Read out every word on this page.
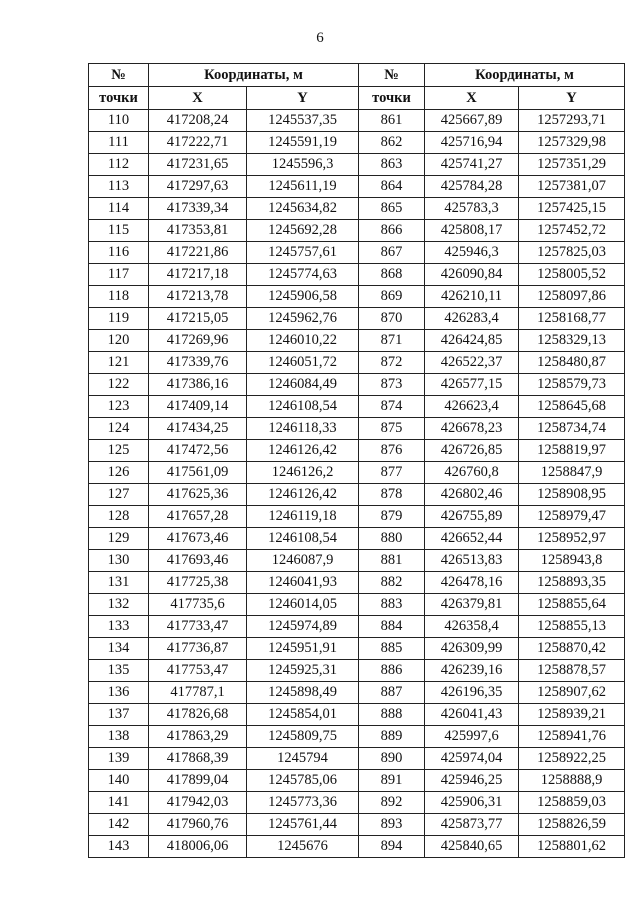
6
№	Координаты, м		№	Координаты, м	
точки	X	Y	точки	X	Y
110	417208,24	1245537,35	861	425667,89	1257293,71
111	417222,71	1245591,19	862	425716,94	1257329,98
112	417231,65	1245596,3	863	425741,27	1257351,29
113	417297,63	1245611,19	864	425784,28	1257381,07
114	417339,34	1245634,82	865	425783,3	1257425,15
115	417353,81	1245692,28	866	425808,17	1257452,72
116	417221,86	1245757,61	867	425946,3	1257825,03
117	417217,18	1245774,63	868	426090,84	1258005,52
118	417213,78	1245906,58	869	426210,11	1258097,86
119	417215,05	1245962,76	870	426283,4	1258168,77
120	417269,96	1246010,22	871	426424,85	1258329,13
121	417339,76	1246051,72	872	426522,37	1258480,87
122	417386,16	1246084,49	873	426577,15	1258579,73
123	417409,14	1246108,54	874	426623,4	1258645,68
124	417434,25	1246118,33	875	426678,23	1258734,74
125	417472,56	1246126,42	876	426726,85	1258819,97
126	417561,09	1246126,2	877	426760,8	1258847,9
127	417625,36	1246126,42	878	426802,46	1258908,95
128	417657,28	1246119,18	879	426755,89	1258979,47
129	417673,46	1246108,54	880	426652,44	1258952,97
130	417693,46	1246087,9	881	426513,83	1258943,8
131	417725,38	1246041,93	882	426478,16	1258893,35
132	417735,6	1246014,05	883	426379,81	1258855,64
133	417733,47	1245974,89	884	426358,4	1258855,13
134	417736,87	1245951,91	885	426309,99	1258870,42
135	417753,47	1245925,31	886	426239,16	1258878,57
136	417787,1	1245898,49	887	426196,35	1258907,62
137	417826,68	1245854,01	888	426041,43	1258939,21
138	417863,29	1245809,75	889	425997,6	1258941,76
139	417868,39	1245794	890	425974,04	1258922,25
140	417899,04	1245785,06	891	425946,25	1258888,9
141	417942,03	1245773,36	892	425906,31	1258859,03
142	417960,76	1245761,44	893	425873,77	1258826,59
143	418006,06	1245676	894	425840,65	1258801,62
